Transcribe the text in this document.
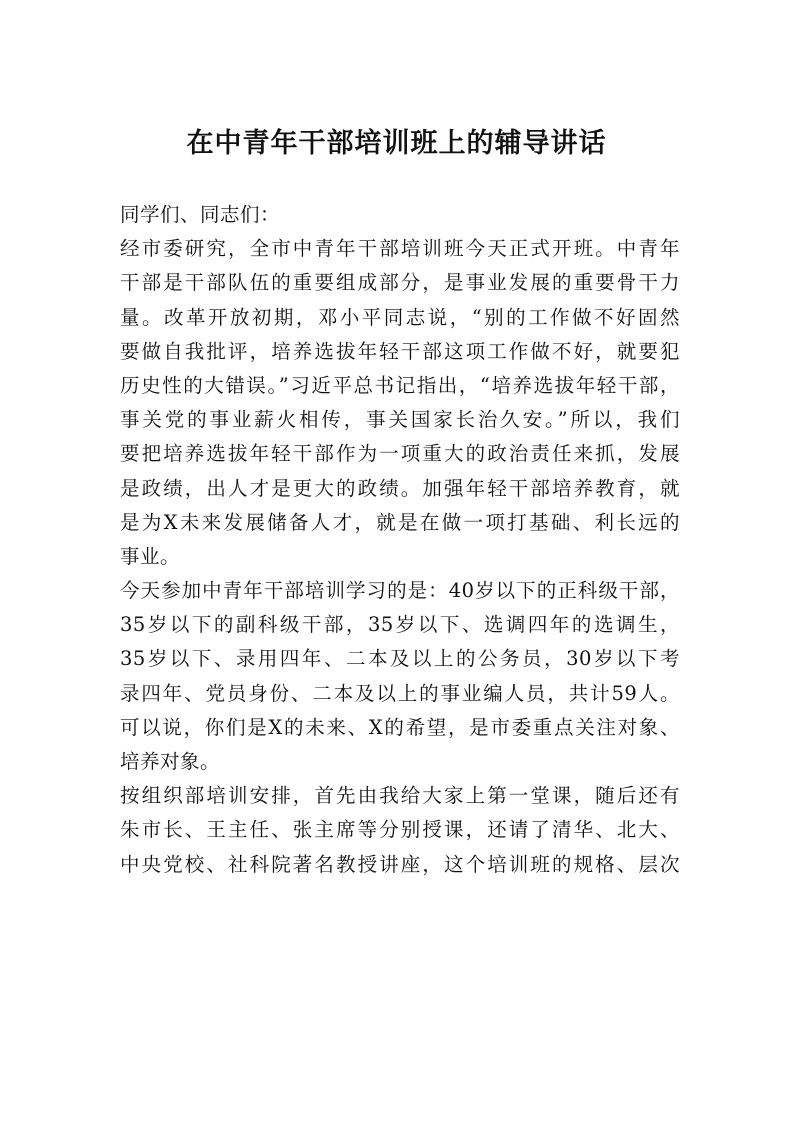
在中青年干部培训班上的辅导讲话
同学们、同志们：
经市委研究，全市中青年干部培训班今天正式开班。中青年
干部是干部队伍的重要组成部分，是事业发展的重要骨干力
量。改革开放初期，邓小平同志说，“别的工作做不好固然
要做自我批评，培养选拔年轻干部这项工作做不好，就要犯
历史性的大错误。”习近平总书记指出，“培养选拔年轻干部，
事关党的事业薪火相传，事关国家长治久安。”所以，我们
要把培养选拔年轻干部作为一项重大的政治责任来抓，发展
是政绩，出人才是更大的政绩。加强年轻干部培养教育，就
是为X未来发展储备人才，就是在做一项打基础、利长远的
事业。
今天参加中青年干部培训学习的是：40岁以下的正科级干部，
35岁以下的副科级干部，35岁以下、选调四年的选调生，
35岁以下、录用四年、二本及以上的公务员，30岁以下考
录四年、党员身份、二本及以上的事业编人员，共计59人。
可以说，你们是X的未来、X的希望，是市委重点关注对象、
培养对象。
按组织部培训安排，首先由我给大家上第一堂课，随后还有
朱市长、王主任、张主席等分别授课，还请了清华、北大、
中央党校、社科院著名教授讲座，这个培训班的规格、层次
